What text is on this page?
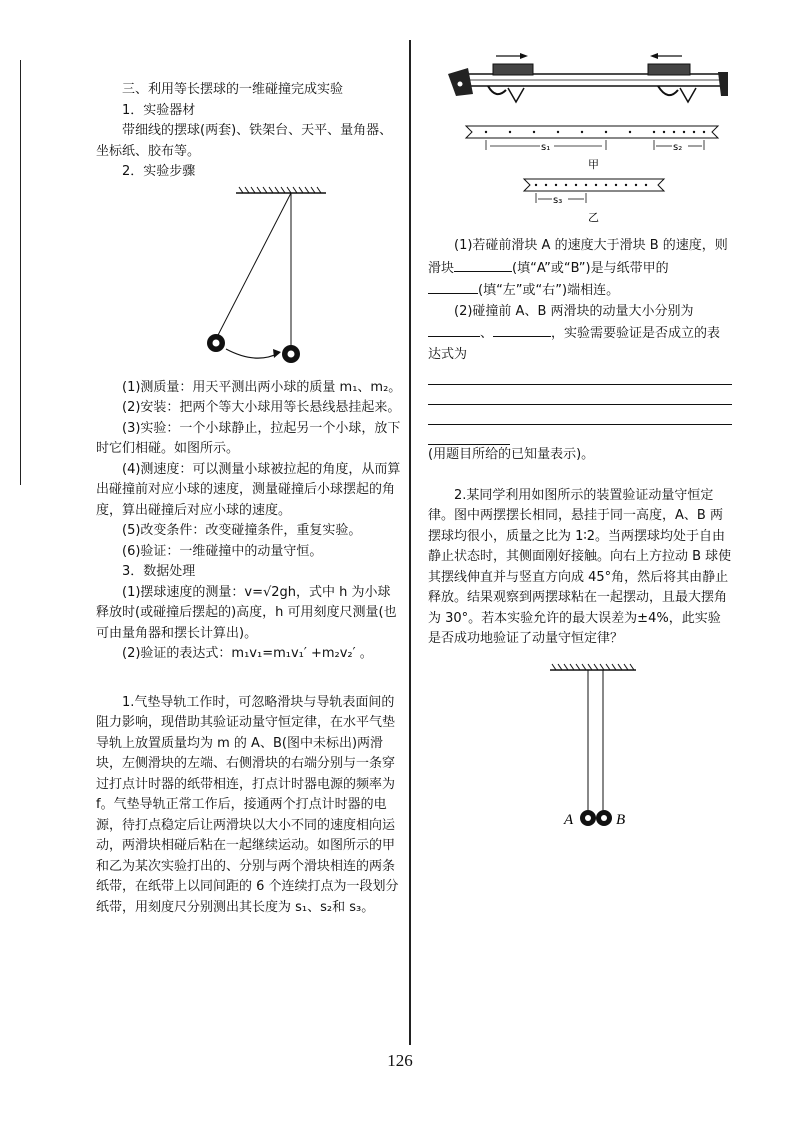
三、利用等长摆球的一维碰撞完成实验

1．实验器材

带细线的摆球(两套)、铁架台、天平、量角器、坐标纸、胶布等。

2．实验步骤

(1)测质量：用天平测出两小球的质量 m₁、m₂。

(2)安装：把两个等大小球用等长悬线悬挂起来。

(3)实验：一个小球静止，拉起另一个小球，放下时它们相碰。如图所示。

(4)测速度：可以测量小球被拉起的角度，从而算出碰撞前对应小球的速度，测量碰撞后小球摆起的角度，算出碰撞后对应小球的速度。

(5)改变条件：改变碰撞条件，重复实验。

(6)验证：一维碰撞中的动量守恒。

3．数据处理

(1)摆球速度的测量：v=√2gh，式中 h 为小球释放时(或碰撞后摆起的)高度，h 可用刻度尺测量(也可由量角器和摆长计算出)。

(2)验证的表达式：m₁v₁=m₁v₁′ +m₂v₂′ 。

1.气垫导轨工作时，可忽略滑块与导轨表面间的阻力影响，现借助其验证动量守恒定律，在水平气垫导轨上放置质量均为 m 的 A、B(图中未标出)两滑块，左侧滑块的左端、右侧滑块的右端分别与一条穿过打点计时器的纸带相连，打点计时器电源的频率为 f。气垫导轨正常工作后，接通两个打点计时器的电源，待打点稳定后让两滑块以大小不同的速度相向运动，两滑块相碰后粘在一起继续运动。如图所示的甲和乙为某次实验打出的、分别与两个滑块相连的两条纸带，在纸带上以同间距的 6 个连续打点为一段划分纸带，用刻度尺分别测出其长度为 s₁、s₂和 s₃。

s₁	s₂
甲
s₃
乙

(1)若碰前滑块 A 的速度大于滑块 B 的速度，则滑块	(填“A”或“B”)是与纸带甲的
(填“左”或“右”)端相连。

(2)碰撞前 A、B 两滑块的动量大小分别为
、	，实验需要验证是否成立的表达式为

(用题目所给的已知量表示)。

2.某同学利用如图所示的装置验证动量守恒定律。图中两摆摆长相同，悬挂于同一高度，A、B 两摆球均很小，质量之比为 1∶2。当两摆球均处于自由静止状态时，其侧面刚好接触。向右上方拉动 B 球使其摆线伸直并与竖直方向成 45°角，然后将其由静止释放。结果观察到两摆球粘在一起摆动，且最大摆角为 30°。若本实验允许的最大误差为±4%，此实验是否成功地验证了动量守恒定律？

A	B
126
